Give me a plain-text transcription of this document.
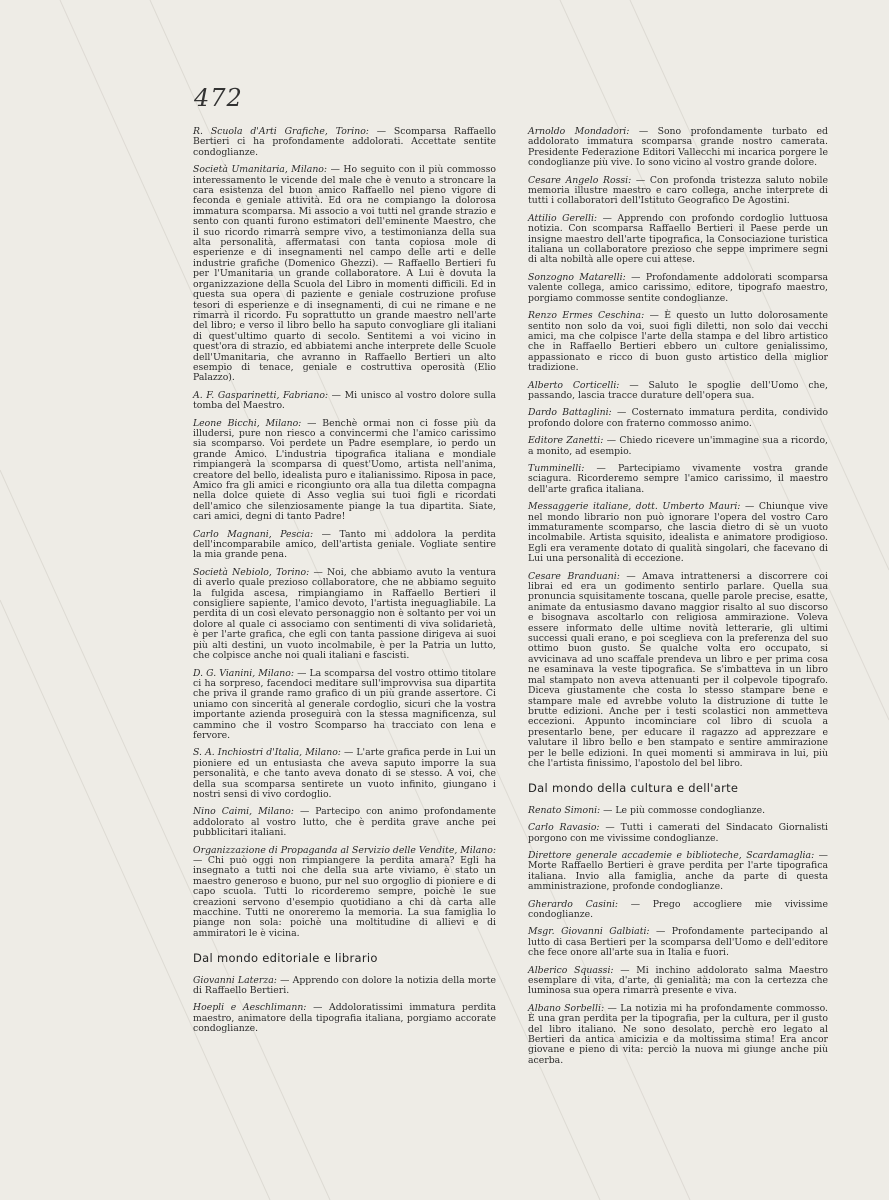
472

R. Scuola d'Arti Grafiche, Torino: — Scomparsa Raffaello Bertieri ci ha profondamente addolorati. Accettate sentite condoglianze.

Società Umanitaria, Milano: — Ho seguito con il più commosso interessamento le vicende del male che è venuto a stroncare la cara esistenza del buon amico Raffaello nel pieno vigore di feconda e geniale attività. Ed ora ne compiango la dolorosa immatura scomparsa. Mi associo a voi tutti nel grande strazio e sento con quanti furono estimatori dell'eminente Maestro, che il suo ricordo rimarrà sempre vivo, a testimonianza della sua alta personalità, affermatasi con tanta copiosa mole di esperienze e di insegnamenti nel campo delle arti e delle industrie grafiche (Domenico Ghezzi). — Raffaello Bertieri fu per l'Umanitaria un grande collaboratore. A Lui è dovuta la organizzazione della Scuola del Libro in momenti difficili. Ed in questa sua opera di paziente e geniale costruzione profuse tesori di esperienze e di insegnamenti, di cui ne rimane e ne rimarrà il ricordo. Fu soprattutto un grande maestro nell'arte del libro; e verso il libro bello ha saputo convogliare gli italiani di quest'ultimo quarto di secolo. Sentitemi a voi vicino in quest'ora di strazio, ed abbiatemi anche interprete delle Scuole dell'Umanitaria, che avranno in Raffaello Bertieri un alto esempio di tenace, geniale e costruttiva operosità (Elio Palazzo).

A. F. Gasparinetti, Fabriano: — Mi unisco al vostro dolore sulla tomba del Maestro.

Leone Bicchi, Milano: — Benchè ormai non ci fosse più da illudersi, pure non riesco a convincermi che l'amico carissimo sia scomparso. Voi perdete un Padre esemplare, io perdo un grande Amico. L'industria tipografica italiana e mondiale rimpiangerà la scomparsa di quest'Uomo, artista nell'anima, creatore del bello, idealista puro e italianissimo. Riposa in pace, Amico fra gli amici e ricongiunto ora alla tua diletta compagna nella dolce quiete di Asso veglia sui tuoi figli e ricordati dell'amico che silenziosamente piange la tua dipartita. Siate, cari amici, degni di tanto Padre!

Carlo Magnani, Pescia: — Tanto mi addolora la perdita dell'incomparabile amico, dell'artista geniale. Vogliate sentire la mia grande pena.

Società Nebiolo, Torino: — Noi, che abbiamo avuto la ventura di averlo quale prezioso collaboratore, che ne abbiamo seguito la fulgida ascesa, rimpiangiamo in Raffaello Bertieri il consigliere sapiente, l'amico devoto, l'artista ineguagliabile. La perdita di un così elevato personaggio non è soltanto per voi un dolore al quale ci associamo con sentimenti di viva solidarietà, è per l'arte grafica, che egli con tanta passione dirigeva ai suoi più alti destini, un vuoto incolmabile, è per la Patria un lutto, che colpisce anche noi quali italiani e fascisti.

D. G. Vianini, Milano: — La scomparsa del vostro ottimo titolare ci ha sorpreso, facendoci meditare sull'improvvisa sua dipartita che priva il grande ramo grafico di un più grande assertore. Ci uniamo con sincerità al generale cordoglio, sicuri che la vostra importante azienda proseguirà con la stessa magnificenza, sul cammino che il vostro Scomparso ha tracciato con lena e fervore.

S. A. Inchiostri d'Italia, Milano: — L'arte grafica perde in Lui un pioniere ed un entusiasta che aveva saputo imporre la sua personalità, e che tanto aveva donato di se stesso. A voi, che della sua scomparsa sentirete un vuoto infinito, giungano i nostri sensi di vivo cordoglio.

Nino Caimi, Milano: — Partecipo con animo profondamente addolorato al vostro lutto, che è perdita grave anche pei pubblicitari italiani.

Organizzazione di Propaganda al Servizio delle Vendite, Milano: — Chi può oggi non rimpiangere la perdita amara? Egli ha insegnato a tutti noi che della sua arte viviamo, è stato un maestro generoso e buono, pur nel suo orgoglio di pioniere e di capo scuola. Tutti lo ricorderemo sempre, poichè le sue creazioni servono d'esempio quotidiano a chi dà carta alle macchine. Tutti ne onoreremo la memoria. La sua famiglia lo piange non sola: poichè una moltitudine di allievi e di ammiratori le è vicina.

Dal mondo editoriale e librario

Giovanni Laterza: — Apprendo con dolore la notizia della morte di Raffaello Bertieri.

Hoepli e Aeschlimann: — Addoloratissimi immatura perdita maestro, animatore della tipografia italiana, porgiamo accorate condoglianze.

Arnoldo Mondadori: — Sono profondamente turbato ed addolorato immatura scomparsa grande nostro camerata. Presidente Federazione Editori Vallecchi mi incarica porgere le condoglianze più vive. Io sono vicino al vostro grande dolore.

Cesare Angelo Rossi: — Con profonda tristezza saluto nobile memoria illustre maestro e caro collega, anche interprete di tutti i collaboratori dell'Istituto Geografico De Agostini.

Attilio Gerelli: — Apprendo con profondo cordoglio luttuosa notizia. Con scomparsa Raffaello Bertieri il Paese perde un insigne maestro dell'arte tipografica, la Consociazione turistica italiana un collaboratore prezioso che seppe imprimere segni di alta nobiltà alle opere cui attese.

Sonzogno Matarelli: — Profondamente addolorati scomparsa valente collega, amico carissimo, editore, tipografo maestro, porgiamo commosse sentite condoglianze.

Renzo Ermes Ceschina: — È questo un lutto dolorosamente sentito non solo da voi, suoi figli diletti, non solo dai vecchi amici, ma che colpisce l'arte della stampa e del libro artistico che in Raffaello Bertieri ebbero un cultore genialissimo, appassionato e ricco di buon gusto artistico della miglior tradizione.

Alberto Corticelli: — Saluto le spoglie dell'Uomo che, passando, lascia tracce durature dell'opera sua.

Dardo Battaglini: — Costernato immatura perdita, condivido profondo dolore con fraterno commosso animo.

Editore Zanetti: — Chiedo ricevere un'immagine sua a ricordo, a monito, ad esempio.

Tumminelli: — Partecipiamo vivamente vostra grande sciagura. Ricorderemo sempre l'amico carissimo, il maestro dell'arte grafica italiana.

Messaggerie italiane, dott. Umberto Mauri: — Chiunque vive nel mondo librario non può ignorare l'opera del vostro Caro immaturamente scomparso, che lascia dietro di sè un vuoto incolmabile. Artista squisito, idealista e animatore prodigioso. Egli era veramente dotato di qualità singolari, che facevano di Lui una personalità di eccezione.

Cesare Branduani: — Amava intrattenersi a discorrere coi librai ed era un godimento sentirlo parlare. Quella sua pronuncia squisitamente toscana, quelle parole precise, esatte, animate da entusiasmo davano maggior risalto al suo discorso e bisognava ascoltarlo con religiosa ammirazione. Voleva essere informato delle ultime novità letterarie, gli ultimi successi quali erano, e poi sceglieva con la preferenza del suo ottimo buon gusto. Se qualche volta ero occupato, si avvicinava ad uno scaffale prendeva un libro e per prima cosa ne esaminava la veste tipografica. Se s'imbatteva in un libro mal stampato non aveva attenuanti per il colpevole tipografo. Diceva giustamente che costa lo stesso stampare bene e stampare male ed avrebbe voluto la distruzione di tutte le brutte edizioni. Anche per i testi scolastici non ammetteva eccezioni. Appunto incominciare col libro di scuola a presentarlo bene, per educare il ragazzo ad apprezzare e valutare il libro bello e ben stampato e sentire ammirazione per le belle edizioni. In quei momenti si ammirava in lui, più che l'artista finissimo, l'apostolo del bel libro.

Dal mondo della cultura e dell'arte

Renato Simoni: — Le più commosse condoglianze.

Carlo Ravasio: — Tutti i camerati del Sindacato Giornalisti porgono con me vivissime condoglianze.

Direttore generale accademie e biblioteche, Scardamaglia: — Morte Raffaello Bertieri è grave perdita per l'arte tipografica italiana. Invio alla famiglia, anche da parte di questa amministrazione, profonde condoglianze.

Gherardo Casini: — Prego accogliere mie vivissime condoglianze.

Msgr. Giovanni Galbiati: — Profondamente partecipando al lutto di casa Bertieri per la scomparsa dell'Uomo e dell'editore che fece onore all'arte sua in Italia e fuori.

Alberico Squassi: — Mi inchino addolorato salma Maestro esemplare di vita, d'arte, di genialità; ma con la certezza che luminosa sua opera rimarrà presente e viva.

Albano Sorbelli: — La notizia mi ha profondamente commosso. È una gran perdita per la tipografia, per la cultura, per il gusto del libro italiano. Ne sono desolato, perchè ero legato al Bertieri da antica amicizia e da moltissima stima! Era ancor giovane e pieno di vita: perciò la nuova mi giunge anche più acerba.
